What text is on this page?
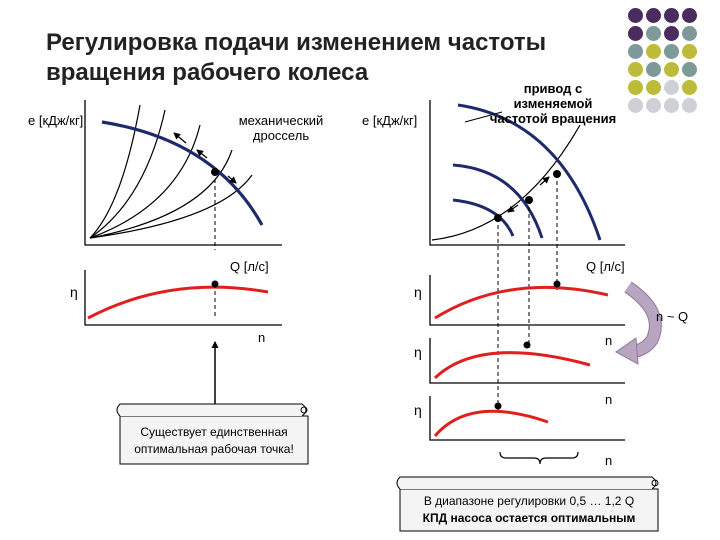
Регулировка подачи изменением частоты
вращения рабочего колеса
e [кДж/кг]	механический
дроссель
Q [л/с]
η
n
Существует единственная
оптимальная рабочая точка!
e [кДж/кг]
привод с
изменяемой
частотой вращения
Q [л/с]
η
η
η
n
n
n
n ~ Q
В диапазоне регулировки 0,5 … 1,2 Q
КПД насоса остается оптимальным
